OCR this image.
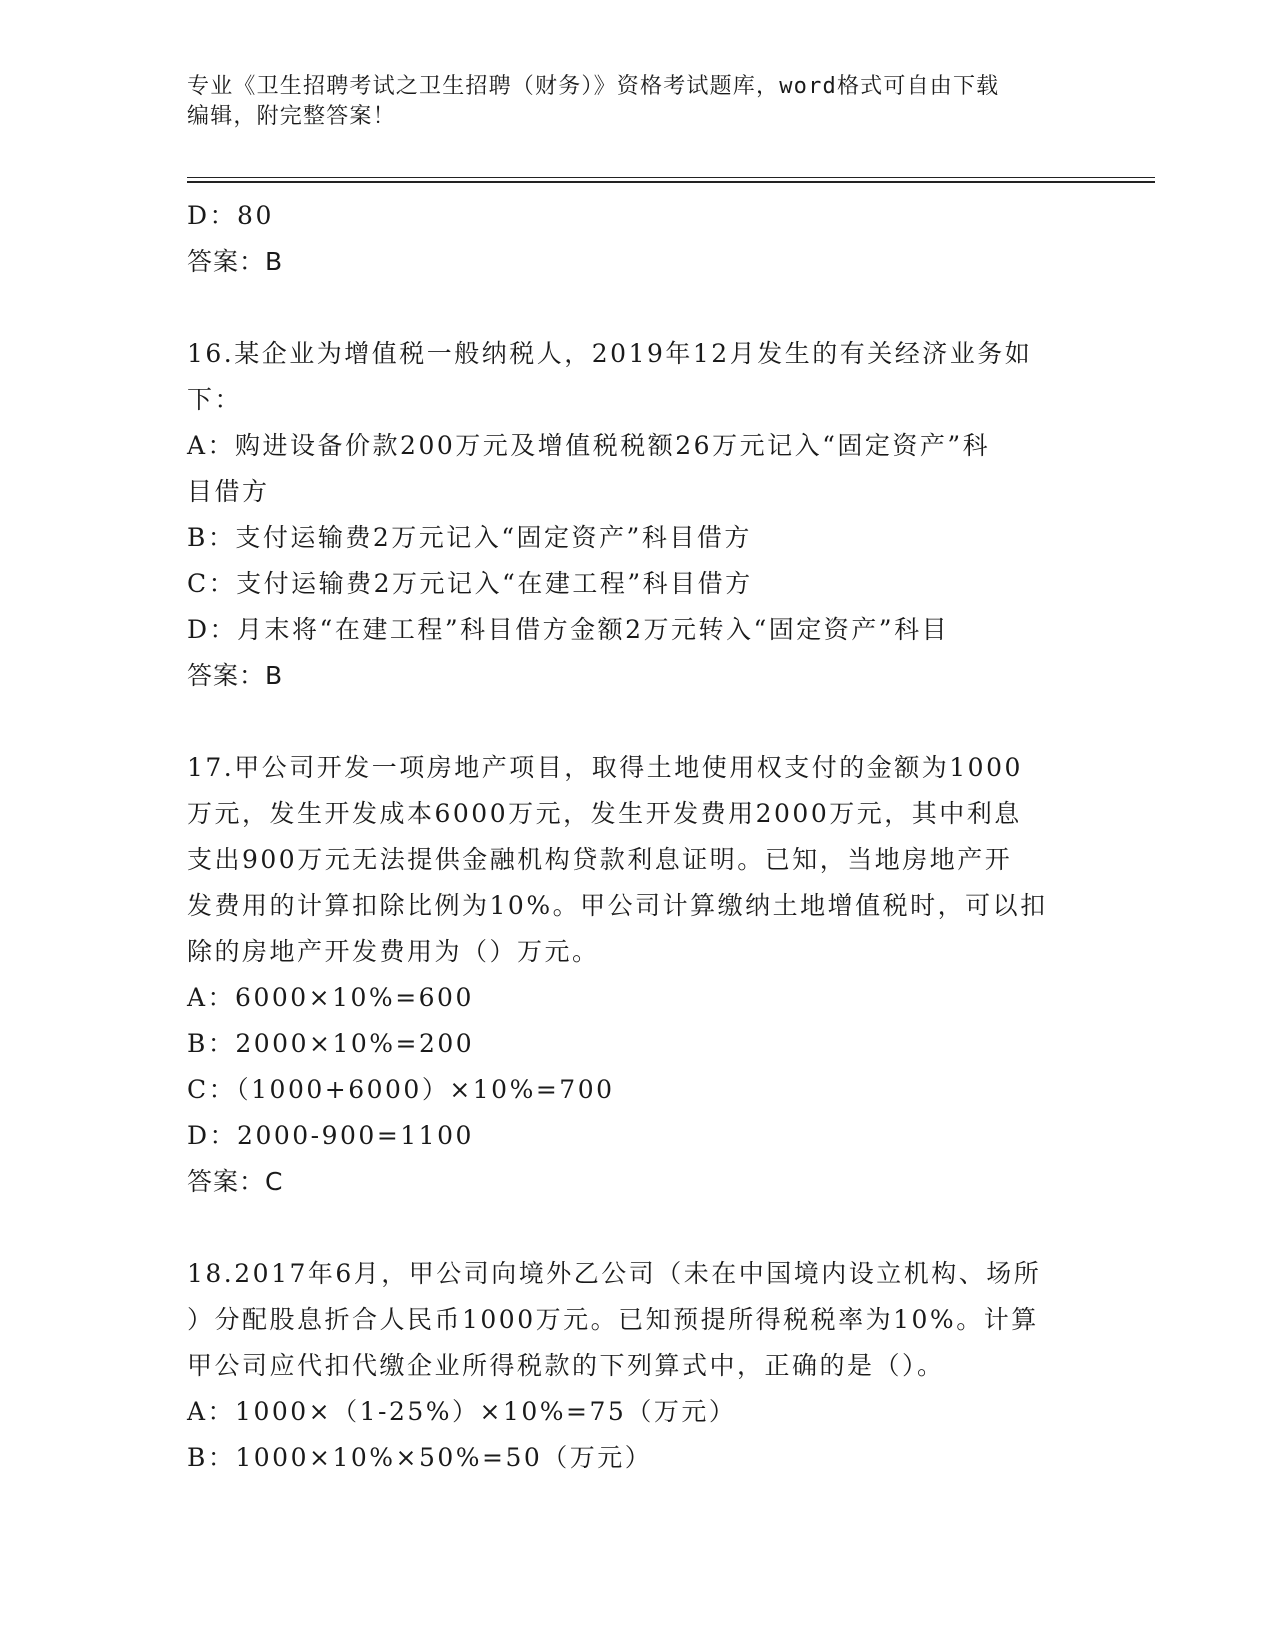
专业《卫生招聘考试之卫生招聘（财务）》资格考试题库，word格式可自由下载
编辑，附完整答案！
D：80
答案：B
16.某企业为增值税一般纳税人，2019年12月发生的有关经济业务如
下：
A：购进设备价款200万元及增值税税额26万元记入“固定资产”科
目借方
B：支付运输费2万元记入“固定资产”科目借方
C：支付运输费2万元记入“在建工程”科目借方
D：月末将“在建工程”科目借方金额2万元转入“固定资产”科目
答案：B
17.甲公司开发一项房地产项目，取得土地使用权支付的金额为1000
万元，发生开发成本6000万元，发生开发费用2000万元，其中利息
支出900万元无法提供金融机构贷款利息证明。已知，当地房地产开
发费用的计算扣除比例为10%。甲公司计算缴纳土地增值税时，可以扣
除的房地产开发费用为（）万元。
A：6000×10%=600
B：2000×10%=200
C：（1000+6000）×10%=700
D：2000-900=1100
答案：C
18.2017年6月，甲公司向境外乙公司（未在中国境内设立机构、场所
）分配股息折合人民币1000万元。已知预提所得税税率为10%。计算
甲公司应代扣代缴企业所得税款的下列算式中，正确的是（）。
A：1000×（1-25%）×10%=75（万元）
B：1000×10%×50%=50（万元）
